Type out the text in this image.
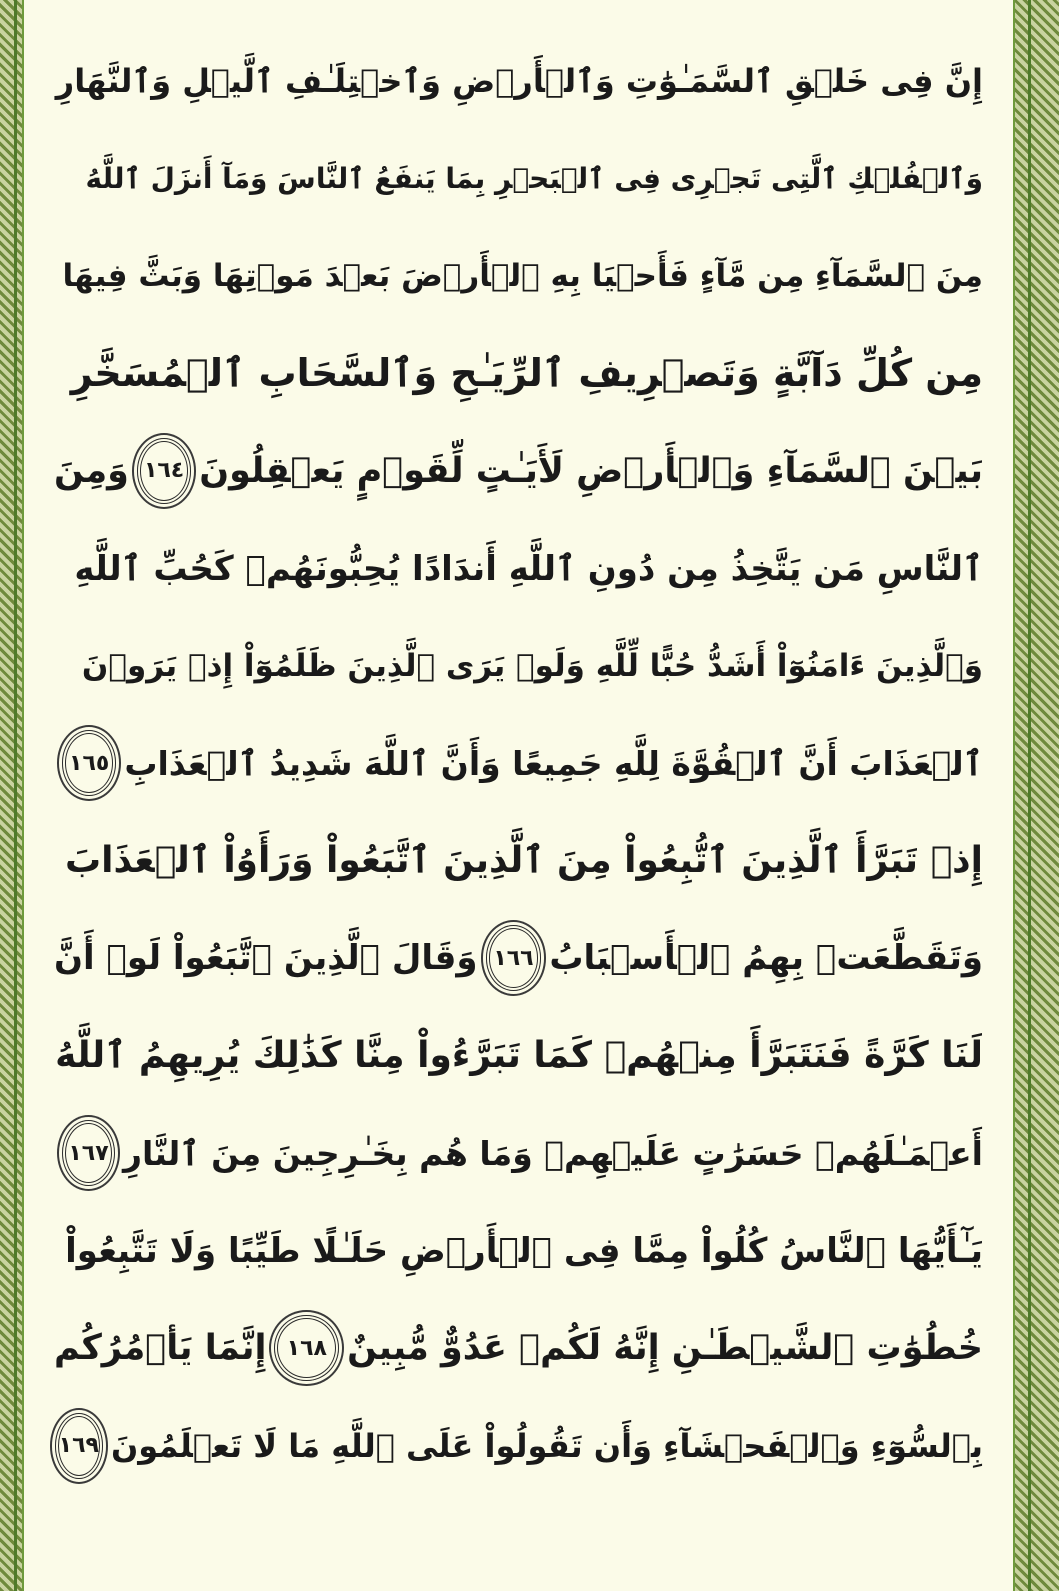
إِنَّ فِى خَلۡقِ ٱلسَّمَـٰوَٰتِ وَٱلۡأَرۡضِ وَٱخۡتِلَـٰفِ ٱلَّيۡلِ وَٱلنَّهَارِ
وَٱلۡفُلۡكِ ٱلَّتِى تَجۡرِى فِى ٱلۡبَحۡرِ بِمَا يَنفَعُ ٱلنَّاسَ وَمَآ أَنزَلَ ٱللَّهُ
مِنَ ٱلسَّمَآءِ مِن مَّآءٍ فَأَحۡيَا بِهِ ٱلۡأَرۡضَ بَعۡدَ مَوۡتِهَا وَبَثَّ فِيهَا
مِن كُلِّ دَآبَّةٍ وَتَصۡرِيفِ ٱلرِّيَـٰحِ وَٱلسَّحَابِ ٱلۡمُسَخَّرِ
بَيۡنَ ٱلسَّمَآءِ وَٱلۡأَرۡضِ لَأَيَـٰتٍ لِّقَوۡمٍ يَعۡقِلُونَ
١٦٤
وَمِنَ
ٱلنَّاسِ مَن يَتَّخِذُ مِن دُونِ ٱللَّهِ أَندَادًا يُحِبُّونَهُمۡ كَحُبِّ ٱللَّهِ
وَٱلَّذِينَ ءَامَنُوٓاْ أَشَدُّ حُبًّا لِّلَّهِ وَلَوۡ يَرَى ٱلَّذِينَ ظَلَمُوٓاْ إِذۡ يَرَوۡنَ
ٱلۡعَذَابَ أَنَّ ٱلۡقُوَّةَ لِلَّهِ جَمِيعًا وَأَنَّ ٱللَّهَ شَدِيدُ ٱلۡعَذَابِ
١٦٥
إِذۡ تَبَرَّأَ ٱلَّذِينَ ٱتُّبِعُواْ مِنَ ٱلَّذِينَ ٱتَّبَعُواْ وَرَأَوُاْ ٱلۡعَذَابَ
وَتَقَطَّعَتۡ بِهِمُ ٱلۡأَسۡبَابُ
١٦٦
وَقَالَ ٱلَّذِينَ ٱتَّبَعُواْ لَوۡ أَنَّ
لَنَا كَرَّةً فَنَتَبَرَّأَ مِنۡهُمۡ كَمَا تَبَرَّءُواْ مِنَّا كَذَٰلِكَ يُرِيهِمُ ٱللَّهُ
أَعۡمَـٰلَهُمۡ حَسَرَٰتٍ عَلَيۡهِمۡ وَمَا هُم بِخَـٰرِجِينَ مِنَ ٱلنَّارِ
١٦٧
يَـٰٓأَيُّهَا ٱلنَّاسُ كُلُواْ مِمَّا فِى ٱلۡأَرۡضِ حَلَـٰلًا طَيِّبًا وَلَا تَتَّبِعُواْ
خُطُوَٰتِ ٱلشَّيۡطَـٰنِ إِنَّهُ لَكُمۡ عَدُوٌّ مُّبِينٌ
١٦٨
إِنَّمَا يَأۡمُرُكُم
بِٱلسُّوٓءِ وَٱلۡفَحۡشَآءِ وَأَن تَقُولُواْ عَلَى ٱللَّهِ مَا لَا تَعۡلَمُونَ
١٦٩
